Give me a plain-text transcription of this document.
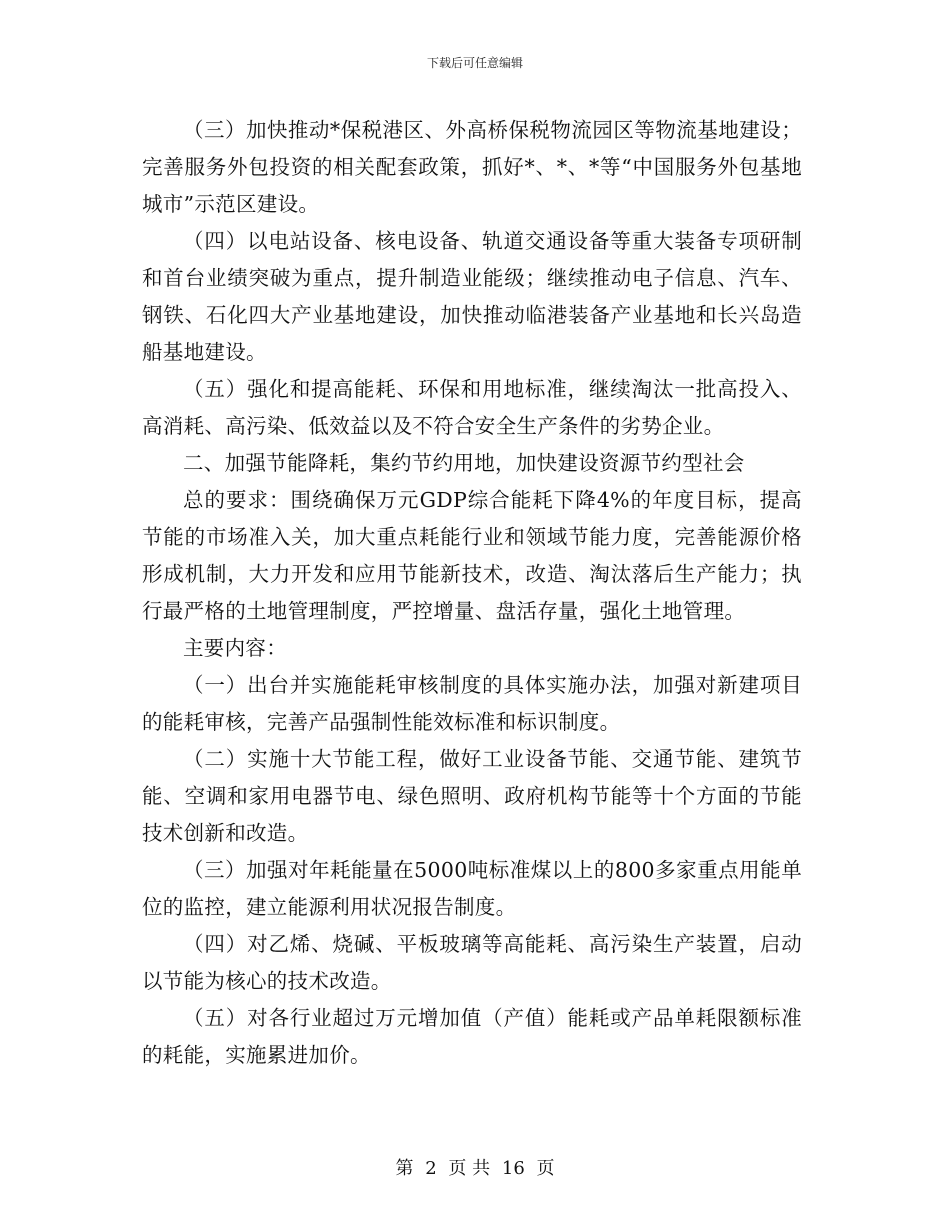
下载后可任意编辑

（三）加快推动*保税港区、外高桥保税物流园区等物流基地建设；完善服务外包投资的相关配套政策，抓好*、*、*等“中国服务外包基地城市”示范区建设。

（四）以电站设备、核电设备、轨道交通设备等重大装备专项研制和首台业绩突破为重点，提升制造业能级；继续推动电子信息、汽车、钢铁、石化四大产业基地建设，加快推动临港装备产业基地和长兴岛造船基地建设。

（五）强化和提高能耗、环保和用地标准，继续淘汰一批高投入、高消耗、高污染、低效益以及不符合安全生产条件的劣势企业。

二、加强节能降耗，集约节约用地，加快建设资源节约型社会

总的要求：围绕确保万元GDP综合能耗下降4%的年度目标，提高节能的市场准入关，加大重点耗能行业和领域节能力度，完善能源价格形成机制，大力开发和应用节能新技术，改造、淘汰落后生产能力；执行最严格的土地管理制度，严控增量、盘活存量，强化土地管理。

主要内容：

（一）出台并实施能耗审核制度的具体实施办法，加强对新建项目的能耗审核，完善产品强制性能效标准和标识制度。

（二）实施十大节能工程，做好工业设备节能、交通节能、建筑节能、空调和家用电器节电、绿色照明、政府机构节能等十个方面的节能技术创新和改造。

（三）加强对年耗能量在5000吨标准煤以上的800多家重点用能单位的监控，建立能源利用状况报告制度。

（四）对乙烯、烧碱、平板玻璃等高能耗、高污染生产装置，启动以节能为核心的技术改造。

（五）对各行业超过万元增加值（产值）能耗或产品单耗限额标准的耗能，实施累进加价。

第 2 页 共 16 页
